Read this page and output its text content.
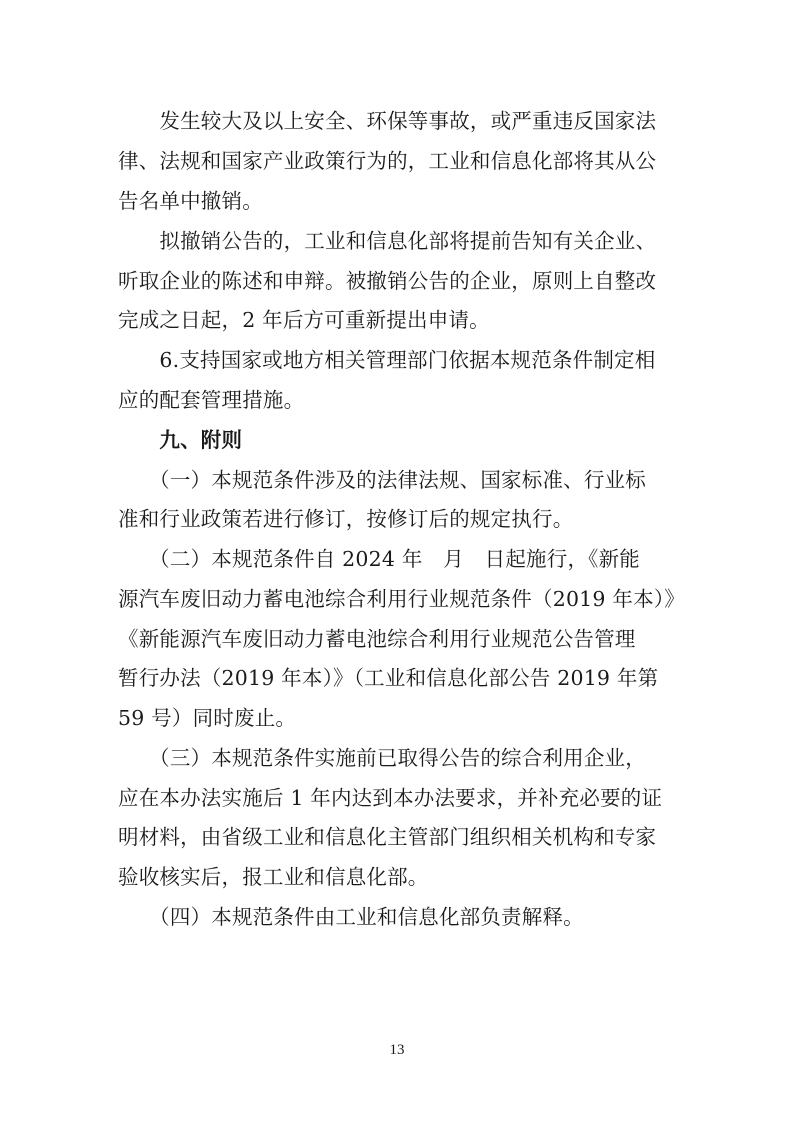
　　发生较大及以上安全、环保等事故，或严重违反国家法
律、法规和国家产业政策行为的，工业和信息化部将其从公
告名单中撤销。
　　拟撤销公告的，工业和信息化部将提前告知有关企业、
听取企业的陈述和申辩。被撤销公告的企业，原则上自整改
完成之日起，2 年后方可重新提出申请。
　　6.支持国家或地方相关管理部门依据本规范条件制定相
应的配套管理措施。
　　九、附则
　　（一）本规范条件涉及的法律法规、国家标准、行业标
准和行业政策若进行修订，按修订后的规定执行。
　　（二）本规范条件自 2024 年　月　日起施行，《新能
源汽车废旧动力蓄电池综合利用行业规范条件（2019 年本）》
《新能源汽车废旧动力蓄电池综合利用行业规范公告管理
暂行办法（2019 年本）》（工业和信息化部公告 2019 年第
59 号）同时废止。
　　（三）本规范条件实施前已取得公告的综合利用企业，
应在本办法实施后 1 年内达到本办法要求，并补充必要的证
明材料，由省级工业和信息化主管部门组织相关机构和专家
验收核实后，报工业和信息化部。
　　（四）本规范条件由工业和信息化部负责解释。
13
